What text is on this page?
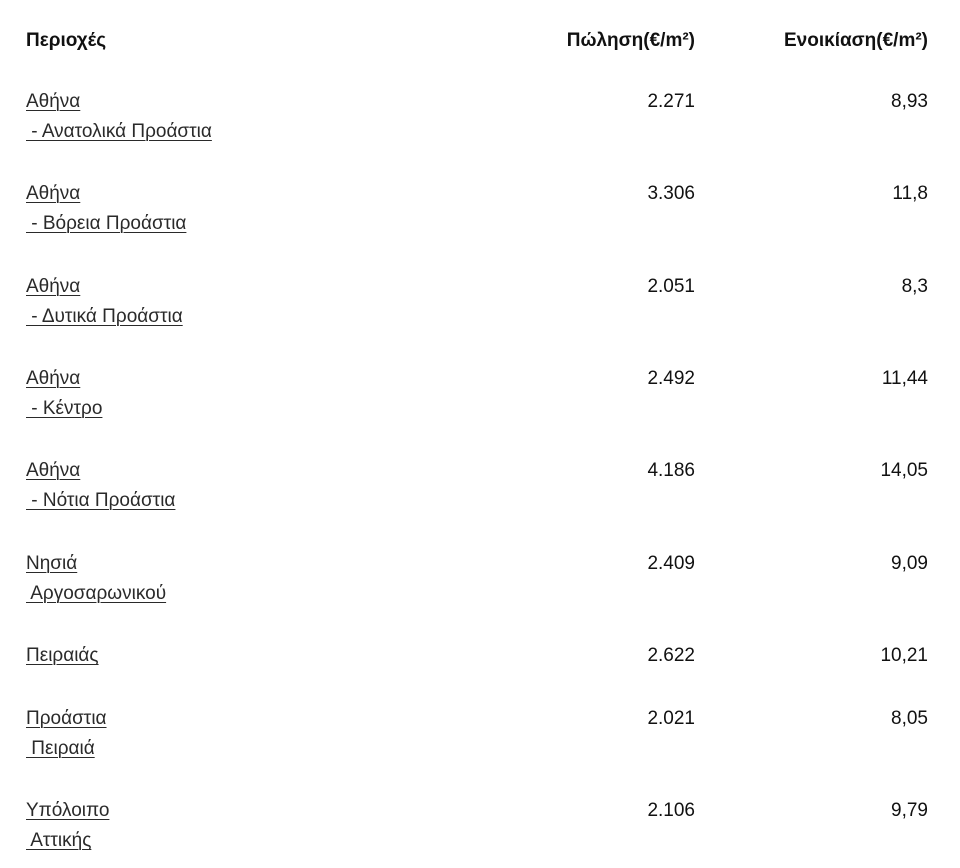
Περιοχές	Πώληση(€/m²)	Ενοικίαση(€/m²)
Αθήνα
- Ανατολικά Προάστια
2.271	8,93
Αθήνα
- Βόρεια Προάστια
3.306	11,8
Αθήνα
- Δυτικά Προάστια
2.051	8,3
Αθήνα
- Κέντρο
2.492	11,44
Αθήνα
- Νότια Προάστια
4.186	14,05
Νησιά
Αργοσαρωνικού
2.409	9,09
Πειραιάς	2.622	10,21
Προάστια
Πειραιά
2.021	8,05
Υπόλοιπο
Αττικής
2.106	9,79
